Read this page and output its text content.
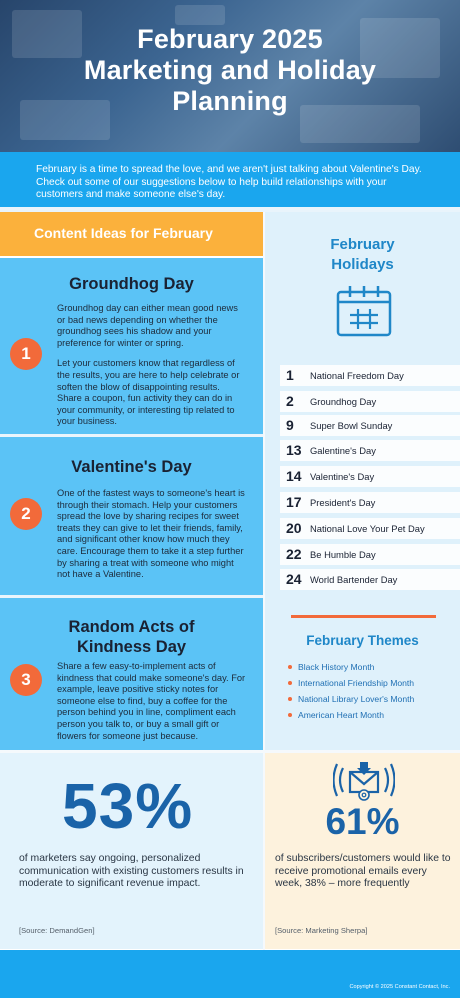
February 2025
Marketing and Holiday
Planning

February is a time to spread the love, and we aren't just talking about Valentine's Day. Check out some of our suggestions below to help build relationships with your customers and make someone else's day.

Content Ideas for February
Groundhog Day
1

Groundhog day can either mean good news or bad news depending on whether the groundhog sees his shadow and your preference for winter or spring.

Let your customers know that regardless of the results, you are here to help celebrate or soften the blow of disappointing results. Share a coupon, fun activity they can do in your community, or interesting tip related to your business.

Valentine's Day
2

One of the fastest ways to someone's heart is through their stomach. Help your customers spread the love by sharing recipes for sweet treats they can give to let their friends, family, and significant other know how much they care. Encourage them to take it a step further by sharing a treat with someone who might not have a Valentine.

Random Acts of
Kindness Day
3

Share a few easy-to-implement acts of kindness that could make someone's day. For example, leave positive sticky notes for someone else to find, buy a coffee for the person behind you in line, compliment each person you talk to, or buy a small gift or flowers for someone just because.

February
Holidays
1 National Freedom Day
2 Groundhog Day
9 Super Bowl Sunday
13 Galentine's Day
14 Valentine's Day
17 President's Day
20 National Love Your Pet Day
22 Be Humble Day
24 World Bartender Day
February Themes
Black History Month
International Friendship Month
National Library Lover's Month
American Heart Month
53%
of marketers say ongoing, personalized communication with existing customers results in moderate to significant revenue impact.
[Source: DemandGen]
61%
of subscribers/customers would like to receive promotional emails every week, 38% – more frequently
[Source: Marketing Sherpa]
Copyright © 2025 Constant Contact, Inc.
